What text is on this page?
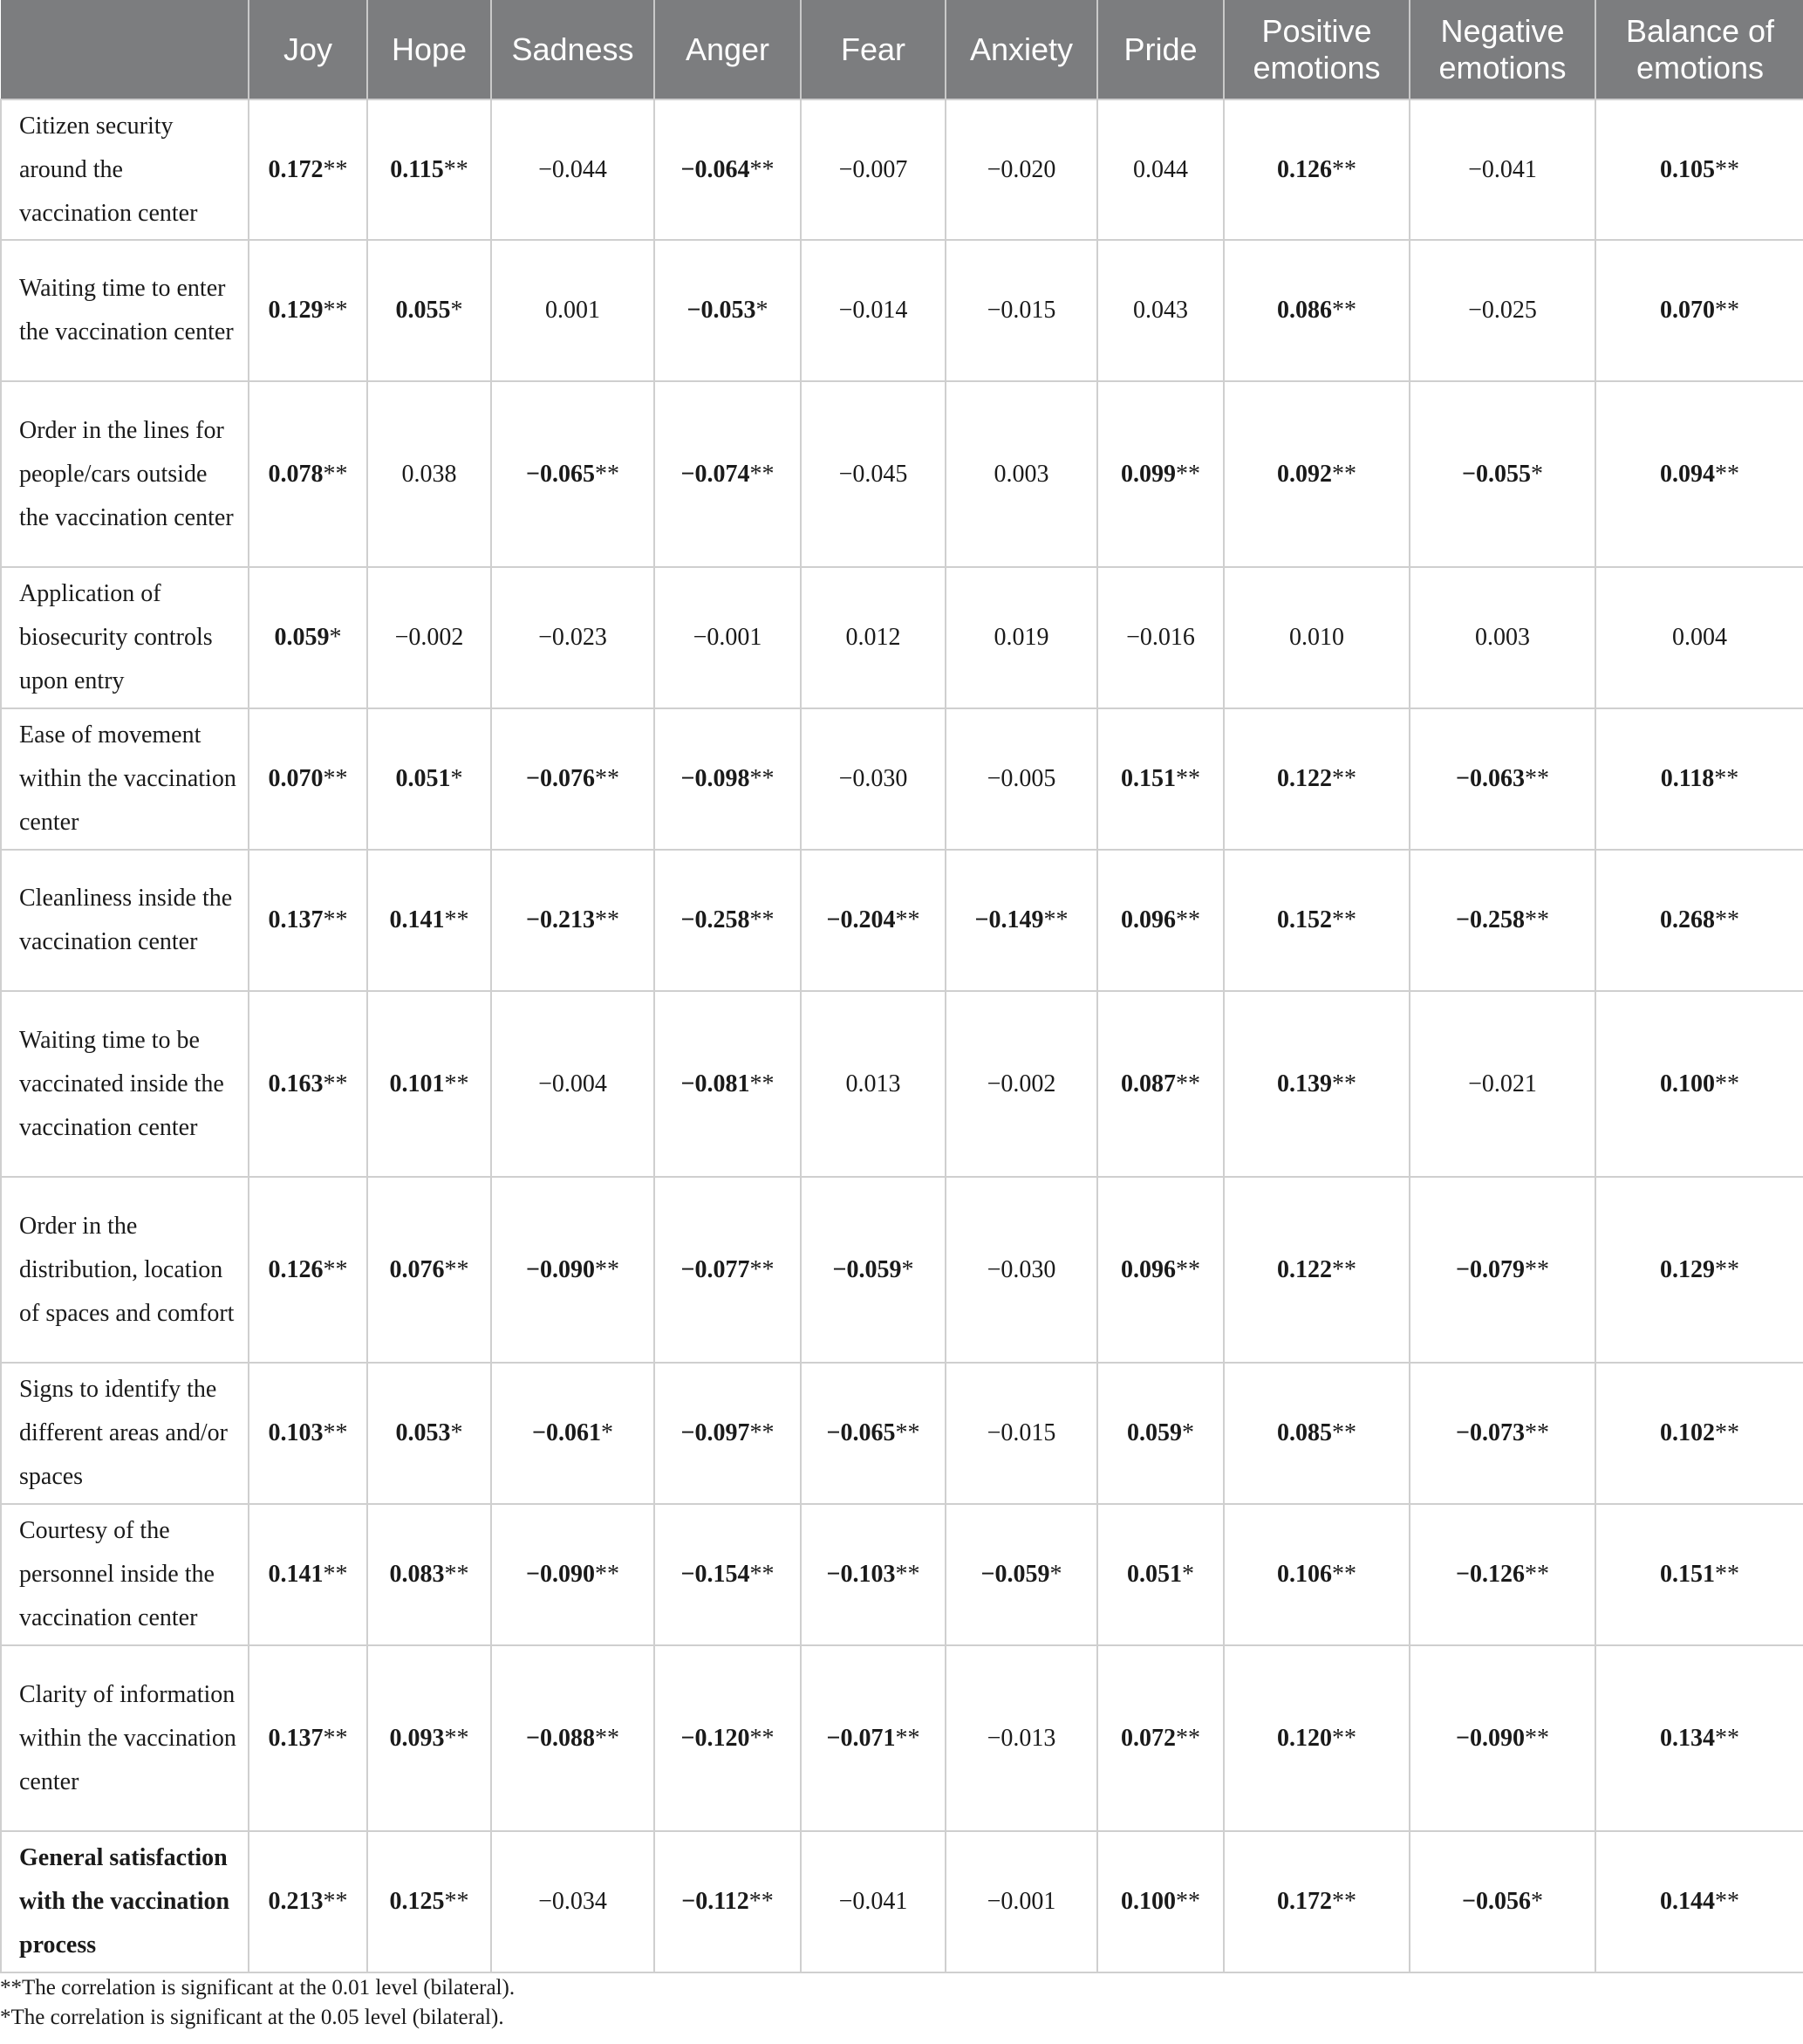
	Joy	Hope	Sadness	Anger	Fear	Anxiety	Pride	Positive emotions	Negative emotions	Balance of emotions
Citizen security around the vaccination center	0.172**	0.115**	−0.044	−0.064**	−0.007	−0.020	0.044	0.126**	−0.041	0.105**
Waiting time to enter the vaccination center	0.129**	0.055*	0.001	−0.053*	−0.014	−0.015	0.043	0.086**	−0.025	0.070**
Order in the lines for people/cars outside the vaccination center	0.078**	0.038	−0.065**	−0.074**	−0.045	0.003	0.099**	0.092**	−0.055*	0.094**
Application of biosecurity controls upon entry	0.059*	−0.002	−0.023	−0.001	0.012	0.019	−0.016	0.010	0.003	0.004
Ease of movement within the vaccination center	0.070**	0.051*	−0.076**	−0.098**	−0.030	−0.005	0.151**	0.122**	−0.063**	0.118**
Cleanliness inside the vaccination center	0.137**	0.141**	−0.213**	−0.258**	−0.204**	−0.149**	0.096**	0.152**	−0.258**	0.268**
Waiting time to be vaccinated inside the vaccination center	0.163**	0.101**	−0.004	−0.081**	0.013	−0.002	0.087**	0.139**	−0.021	0.100**
Order in the distribution, location of spaces and comfort	0.126**	0.076**	−0.090**	−0.077**	−0.059*	−0.030	0.096**	0.122**	−0.079**	0.129**
Signs to identify the different areas and/or spaces	0.103**	0.053*	−0.061*	−0.097**	−0.065**	−0.015	0.059*	0.085**	−0.073**	0.102**
Courtesy of the personnel inside the vaccination center	0.141**	0.083**	−0.090**	−0.154**	−0.103**	−0.059*	0.051*	0.106**	−0.126**	0.151**
Clarity of information within the vaccination center	0.137**	0.093**	−0.088**	−0.120**	−0.071**	−0.013	0.072**	0.120**	−0.090**	0.134**
General satisfaction with the vaccination process	0.213**	0.125**	−0.034	−0.112**	−0.041	−0.001	0.100**	0.172**	−0.056*	0.144**
**The correlation is significant at the 0.01 level (bilateral).
*The correlation is significant at the 0.05 level (bilateral).
